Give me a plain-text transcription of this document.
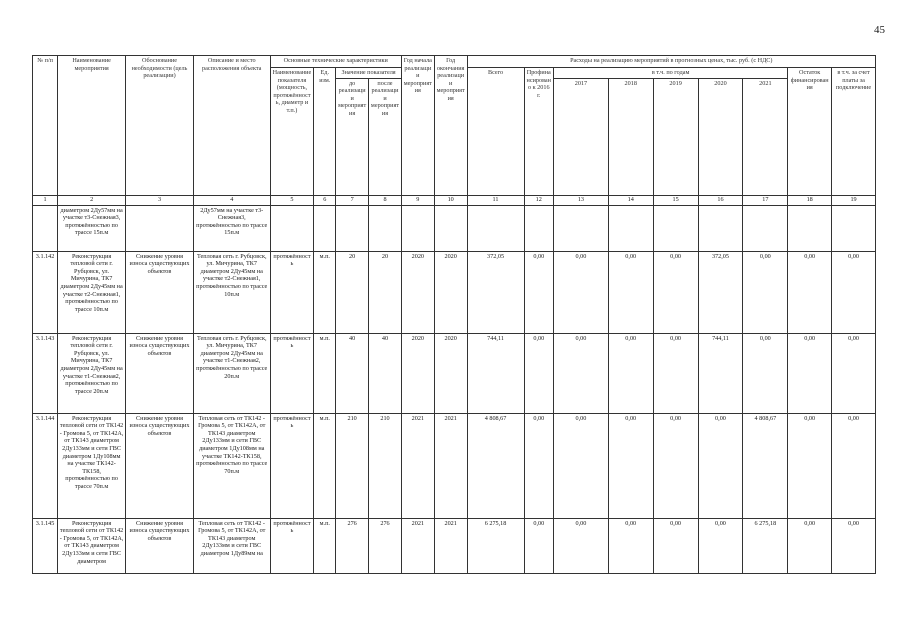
45
№ п/п	Наименование мероприятия	Обоснование необходимости (цель реализации)	Описание и место расположения объекта	Основные технические характеристики				Год начала реализации мероприятия	Год окончания реализации мероприятия	Расходы на реализацию мероприятий в прогнозных ценах, тыс. руб. (с НДС)								
				Наименование показателя (мощность, протяжённость, диаметр и т.п.)	Ед. изм.	Значение показателя				Всего	Профинансировано к 2016 г.	в т.ч. по годам					Остаток финансирования	в т.ч. за счет платы за подключение
						до реализации мероприятия	после реализации мероприятия					2017	2018	2019	2020	2021		
1	2	3	4	5	6	7	8	9	10	11	12	13	14	15	16	17	18	19
	диаметром 2Ду57мм на участке т3-Снежная3, протяжённостью по трассе 15п.м		2Ду57мм на участке т3-Снежная3, протяжённостью по трассе 15п.м															
3.1.142	Реконструкция тепловой сети г. Рубцовск, ул. Мичурина, ТК7 диаметром 2Ду45мм на участке т2-Снежная1, протяжённостью по трассе 10п.м	Снижение уровня износа существующих объектов	Тепловая сеть г. Рубцовск, ул. Мичурина, ТК7 диаметром 2Ду45мм на участке т2-Снежная1, протяжённостью по трассе 10п.м	протяжённость	м.п.	20	20	2020	2020	372,05	0,00	0,00	0,00	0,00	372,05	0,00	0,00	0,00
3.1.143	Реконструкция тепловой сети г. Рубцовск, ул. Мичурина, ТК7 диаметром 2Ду45мм на участке т1-Снежная2, протяжённостью по трассе 20п.м	Снижение уровня износа существующих объектов	Тепловая сеть г. Рубцовск, ул. Мичурина, ТК7 диаметром 2Ду45мм на участке т1-Снежная2, протяжённостью по трассе 20п.м	протяжённость	м.п.	40	40	2020	2020	744,11	0,00	0,00	0,00	0,00	744,11	0,00	0,00	0,00
3.1.144	Реконструкция тепловой сети от ТК142 - Громова 5, от ТК142А, от ТК143 диаметром 2Ду133мм и сети ГВС диаметром 1Ду108мм на участке ТК142-ТК158, протяжённостью по трассе 70п.м	Снижение уровня износа существующих объектов	Тепловая сеть от ТК142 - Громова 5, от ТК142А, от ТК143 диаметром 2Ду133мм и сети ГВС диаметром 1Ду108мм на участке ТК142-ТК158, протяжённостью по трассе 70п.м	протяжённость	м.п.	210	210	2021	2021	4 808,67	0,00	0,00	0,00	0,00	0,00	4 808,67	0,00	0,00
3.1.145	Реконструкция тепловой сети от ТК142 - Громова 5, от ТК142А, от ТК143 диаметром 2Ду133мм и сети ГВС диаметром	Снижение уровня износа существующих объектов	Тепловая сеть от ТК142 - Громова 5, от ТК142А, от ТК143 диаметром 2Ду133мм и сети ГВС диаметром 1Ду89мм на	протяжённость	м.п.	276	276	2021	2021	6 275,18	0,00	0,00	0,00	0,00	0,00	6 275,18	0,00	0,00
